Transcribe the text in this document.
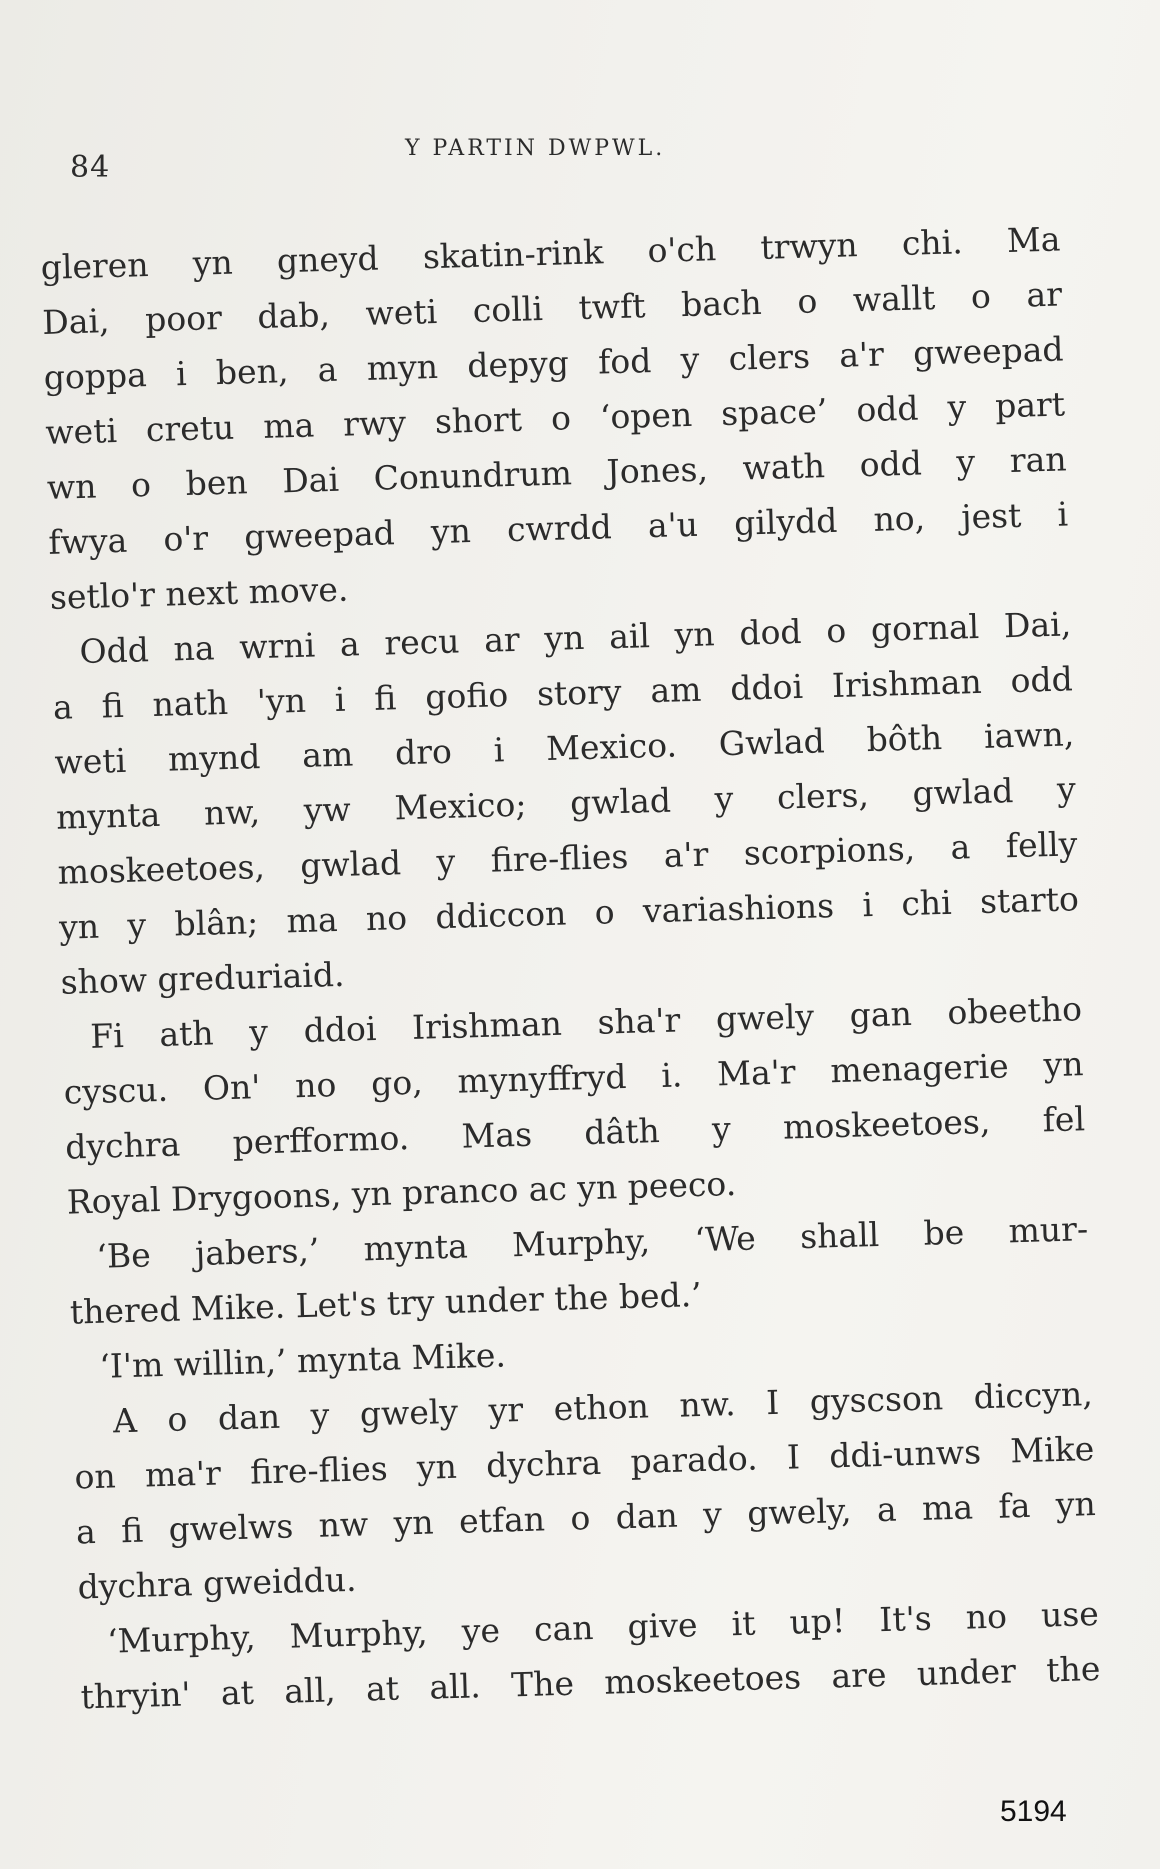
84
Y PARTIN DWPWL.
gleren yn gneyd skatin-rink o'ch trwyn chi. Ma
Dai, poor dab, weti colli twft bach o wallt o ar
goppa i ben, a myn depyg fod y clers a'r gweepad
weti cretu ma rwy short o ‘open space’ odd y part
wn o ben Dai Conundrum Jones, wath odd y ran
fwya o'r gweepad yn cwrdd a'u gilydd no, jest i
setlo'r next move.
Odd na wrni a recu ar yn ail yn dod o gornal Dai,
a fi nath 'yn i fi gofio story am ddoi Irishman odd
weti mynd am dro i Mexico. Gwlad bôth iawn,
mynta nw, yw Mexico; gwlad y clers, gwlad y
moskeetoes, gwlad y fire-flies a'r scorpions, a felly
yn y blân; ma no ddiccon o variashions i chi starto
show greduriaid.
Fi ath y ddoi Irishman sha'r gwely gan obeetho
cyscu. On' no go, mynyffryd i. Ma'r menagerie yn
dychra perfformo. Mas dâth y moskeetoes, fel
Royal Drygoons, yn pranco ac yn peeco.
‘Be jabers,’ mynta Murphy, ‘We shall be mur-
thered Mike. Let's try under the bed.’
‘I'm willin,’ mynta Mike.
A o dan y gwely yr ethon nw. I gyscson diccyn,
on ma'r fire-flies yn dychra parado. I ddi-unws Mike
a fi gwelws nw yn etfan o dan y gwely, a ma fa yn
dychra gweiddu.
‘Murphy, Murphy, ye can give it up! It's no use
thryin' at all, at all. The moskeetoes are under the
5194
